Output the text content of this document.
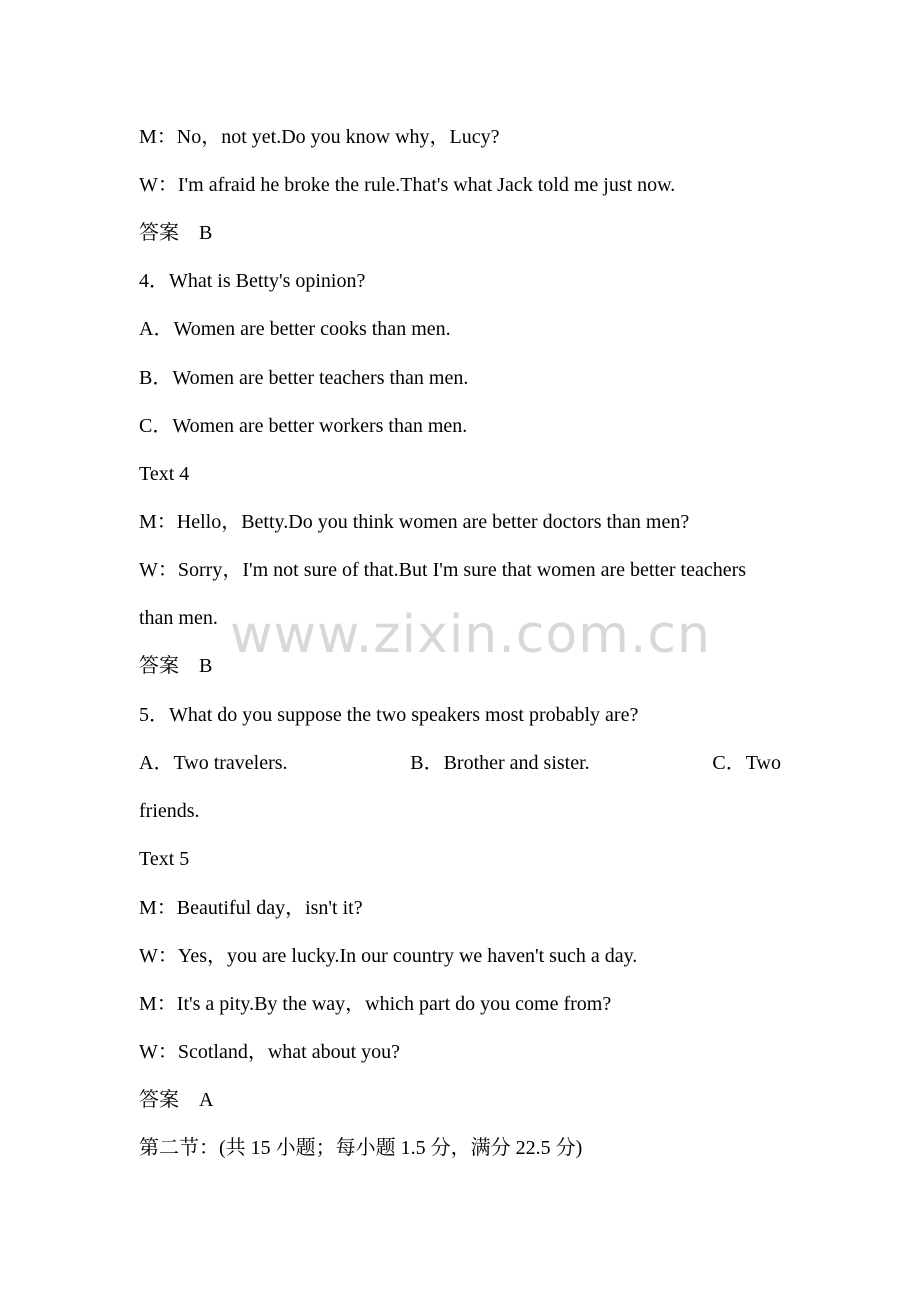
M：No，not yet.Do you know why，Lucy?
W：I'm afraid he broke the rule.That's what Jack told me just now.
答案　B
4．What is Betty's opinion?
A．Women are better cooks than men.
B．Women are better teachers than men.
C．Women are better workers than men.
Text 4
M：Hello，Betty.Do you think women are better doctors than men?
W：Sorry，I'm not sure of that.But I'm sure that women are better teachers
than men.
答案　B
5．What do you suppose the two speakers most probably are?
A．Two travelers.	B．Brother and sister.	C．Two
friends.
Text 5
M：Beautiful day，isn't it?
W：Yes，you are lucky.In our country we haven't such a day.
M：It's a pity.By the way，which part do you come from?
W：Scotland，what about you?
答案　A
第二节：(共 15 小题；每小题 1.5 分，满分 22.5 分)
www.zixin.com.cn
